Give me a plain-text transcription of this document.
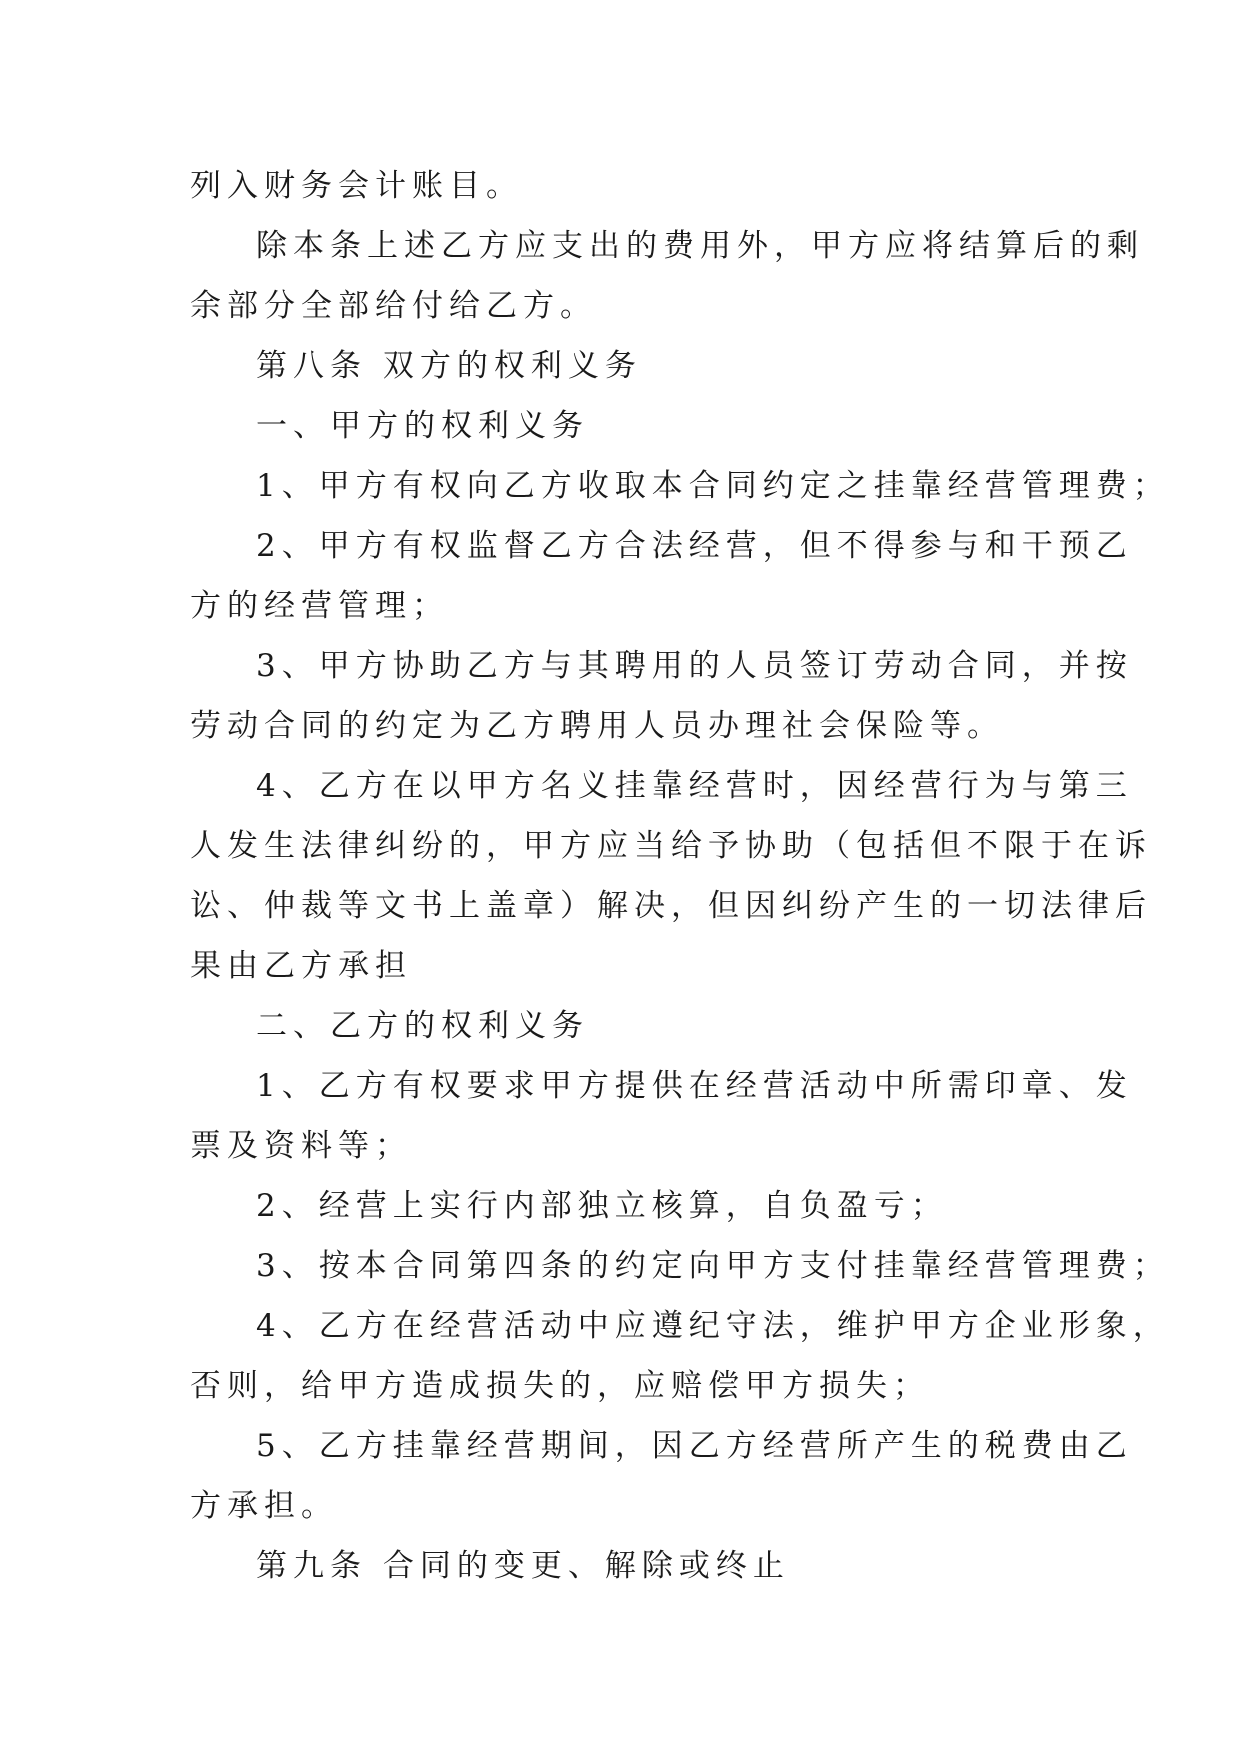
列入财务会计账目。

除本条上述乙方应支出的费用外，甲方应将结算后的剩

余部分全部给付给乙方。

第八条 双方的权利义务

一、甲方的权利义务

1、甲方有权向乙方收取本合同约定之挂靠经营管理费；

2、甲方有权监督乙方合法经营，但不得参与和干预乙

方的经营管理；

3、甲方协助乙方与其聘用的人员签订劳动合同，并按

劳动合同的约定为乙方聘用人员办理社会保险等。

4、乙方在以甲方名义挂靠经营时，因经营行为与第三

人发生法律纠纷的，甲方应当给予协助（包括但不限于在诉

讼、仲裁等文书上盖章）解决，但因纠纷产生的一切法律后

果由乙方承担

二、乙方的权利义务

1、乙方有权要求甲方提供在经营活动中所需印章、发

票及资料等；

2、经营上实行内部独立核算，自负盈亏；

3、按本合同第四条的约定向甲方支付挂靠经营管理费；

4、乙方在经营活动中应遵纪守法，维护甲方企业形象，

否则，给甲方造成损失的，应赔偿甲方损失；

5、乙方挂靠经营期间，因乙方经营所产生的税费由乙

方承担。

第九条 合同的变更、解除或终止
